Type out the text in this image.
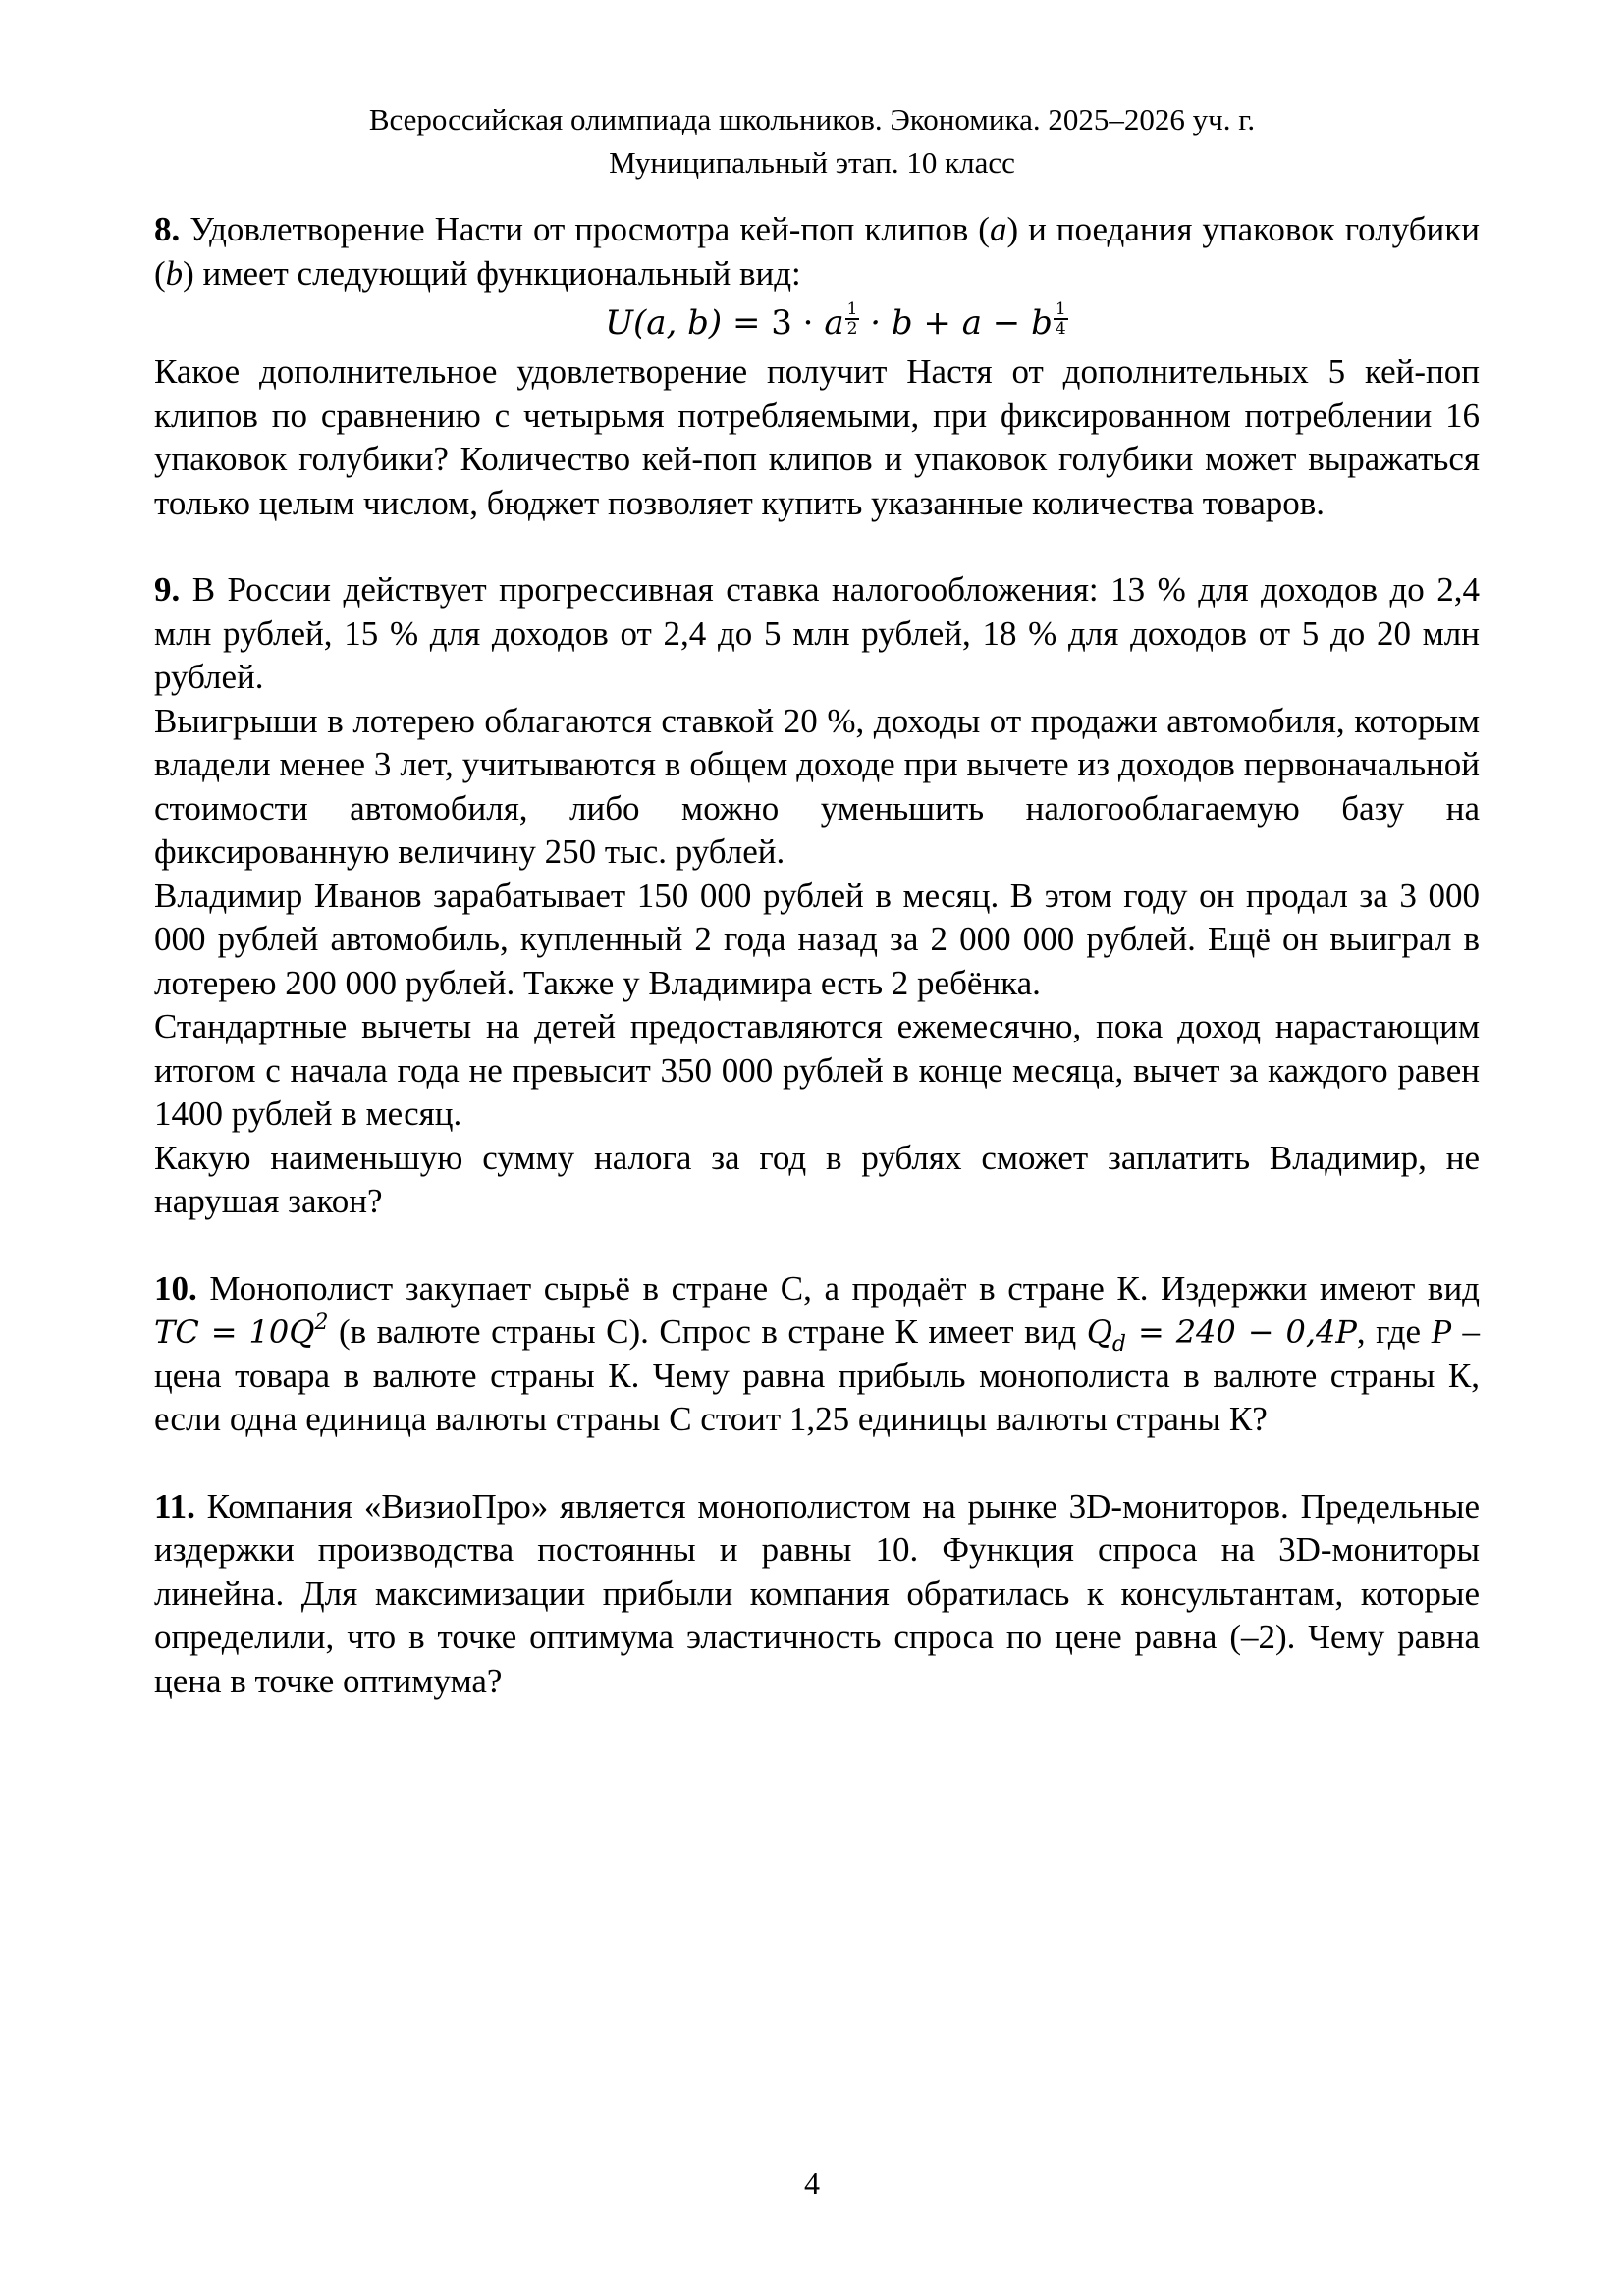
Всероссийская олимпиада школьников. Экономика. 2025–2026 уч. г.
Муниципальный этап. 10 класс

8. Удовлетворение Насти от просмотра кей-поп клипов (a) и поедания упаковок голубики (b) имеет следующий функциональный вид:

U(a, b) = 3 · a $\frac{1}{2} \cdot b + a - b \frac{1}{4}$

Какое дополнительное удовлетворение получит Настя от дополнительных 5 кей-поп клипов по сравнению с четырьмя потребляемыми, при фиксированном потреблении 16 упаковок голубики? Количество кей-поп клипов и упаковок голубики может выражаться только целым числом, бюджет позволяет купить указанные количества товаров.

9. В России действует прогрессивная ставка налогообложения: 13 % для доходов до 2,4 млн рублей, 15 % для доходов от 2,4 до 5 млн рублей, 18 % для доходов от 5 до 20 млн рублей.

Выигрыши в лотерею облагаются ставкой 20 %, доходы от продажи автомобиля, которым владели менее 3 лет, учитываются в общем доходе при вычете из доходов первоначальной стоимости автомобиля, либо можно уменьшить налогооблагаемую базу на фиксированную величину 250 тыс. рублей.

Владимир Иванов зарабатывает 150 000 рублей в месяц. В этом году он продал за 3 000 000 рублей автомобиль, купленный 2 года назад за 2 000 000 рублей. Ещё он выиграл в лотерею 200 000 рублей. Также у Владимира есть 2 ребёнка.

Стандартные вычеты на детей предоставляются ежемесячно, пока доход нарастающим итогом с начала года не превысит 350 000 рублей в конце месяца, вычет за каждого равен 1400 рублей в месяц.

Какую наименьшую сумму налога за год в рублях сможет заплатить Владимир, не нарушая закон?

10. Монополист закупает сырьё в стране С, а продаёт в стране К. Издержки имеют вид TC = $10Q^2$ (в валюте страны С). Спрос в стране К имеет вид $Q_d = 240 - 0,4P$, где P – цена товара в валюте страны К. Чему равна прибыль монополиста в валюте страны К, если одна единица валюты страны С стоит 1,25 единицы валюты страны К?

11. Компания «ВизиоПро» является монополистом на рынке 3D-мониторов. Предельные издержки производства постоянны и равны 10. Функция спроса на 3D-мониторы линейна. Для максимизации прибыли компания обратилась к консультантам, которые определили, что в точке оптимума эластичность спроса по цене равна (–2). Чему равна цена в точке оптимума?

4
